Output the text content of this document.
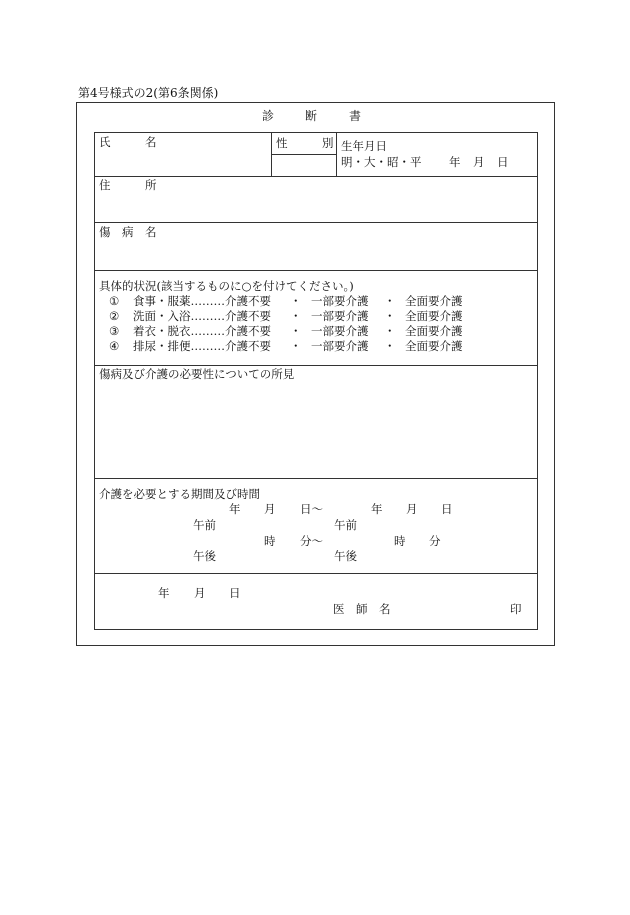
第4号様式の2(第6条関係)
診	断	書
氏	名	性	別 生年月日
明・大・昭・平 年 月 日
住	所
傷 病 名
具体的状況(該当するものに○を付けてください。)
① 食事・服薬………介護不要 ・ 一部要介護 ・ 全面要介護
② 洗面・入浴………介護不要 ・ 一部要介護 ・ 全面要介護
③ 着衣・脱衣………介護不要 ・ 一部要介護 ・ 全面要介護
④ 排尿・排便………介護不要 ・ 一部要介護 ・ 全面要介護
傷病及び介護の必要性についての所見
介護を必要とする期間及び時間
年 月 日〜	年 月 日
午前	午前
時 分〜	時 分
午後	午後
年 月 日
医 師 名	印
